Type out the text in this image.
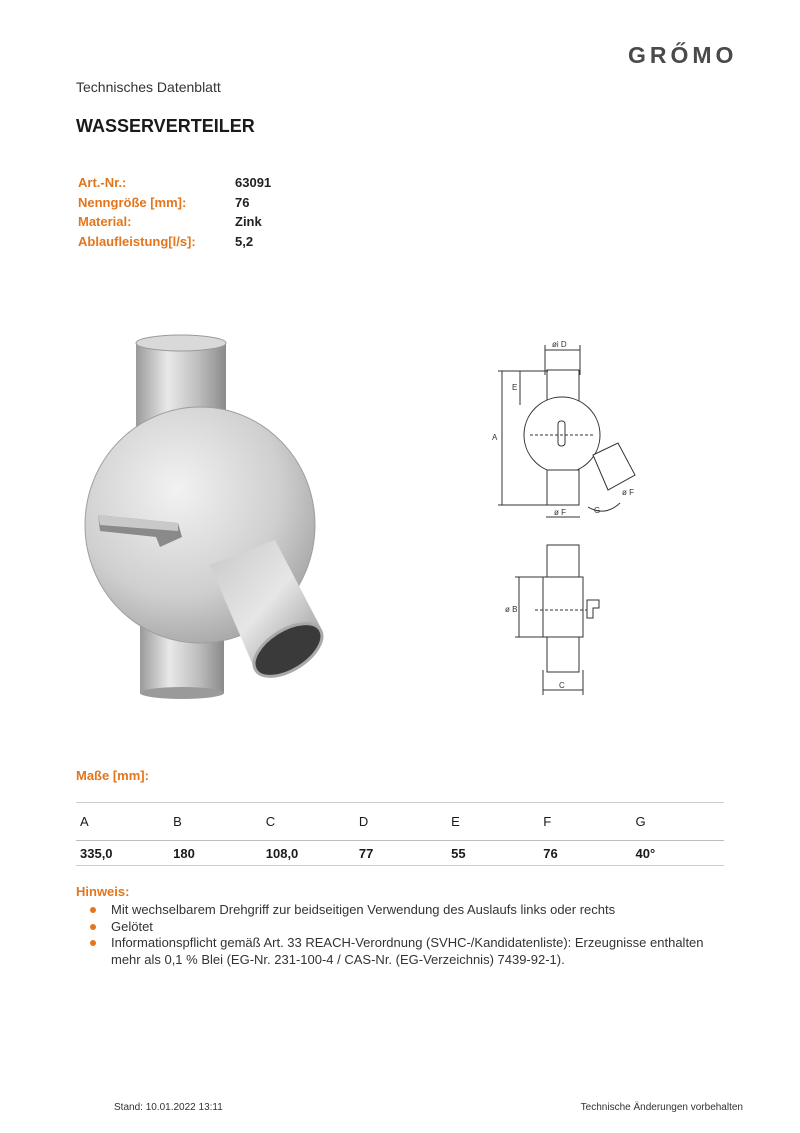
GRŐMO
Technisches Datenblatt
WASSERVERTEILER
Art.-Nr.:	63091
Nenngröße [mm]:	76
Material:	Zink
Ablaufleistung[l/s]:	5,2
øi D
E
A
ø F	G
ø F
ø B
C
Maße [mm]:
A	B	C	D	E	F	G
335,0	180	108,0	77	55	76	40°
Hinweis:
Mit wechselbarem Drehgriff zur beidseitigen Verwendung des Auslaufs links oder rechts
Gelötet
Informationspflicht gemäß Art. 33 REACH-Verordnung (SVHC-/Kandidatenliste): Erzeugnisse enthalten mehr als 0,1 % Blei (EG-Nr. 231-100-4 / CAS-Nr. (EG-Verzeichnis) 7439-92-1).
Stand: 10.01.2022 13:11	Technische Änderungen vorbehalten
